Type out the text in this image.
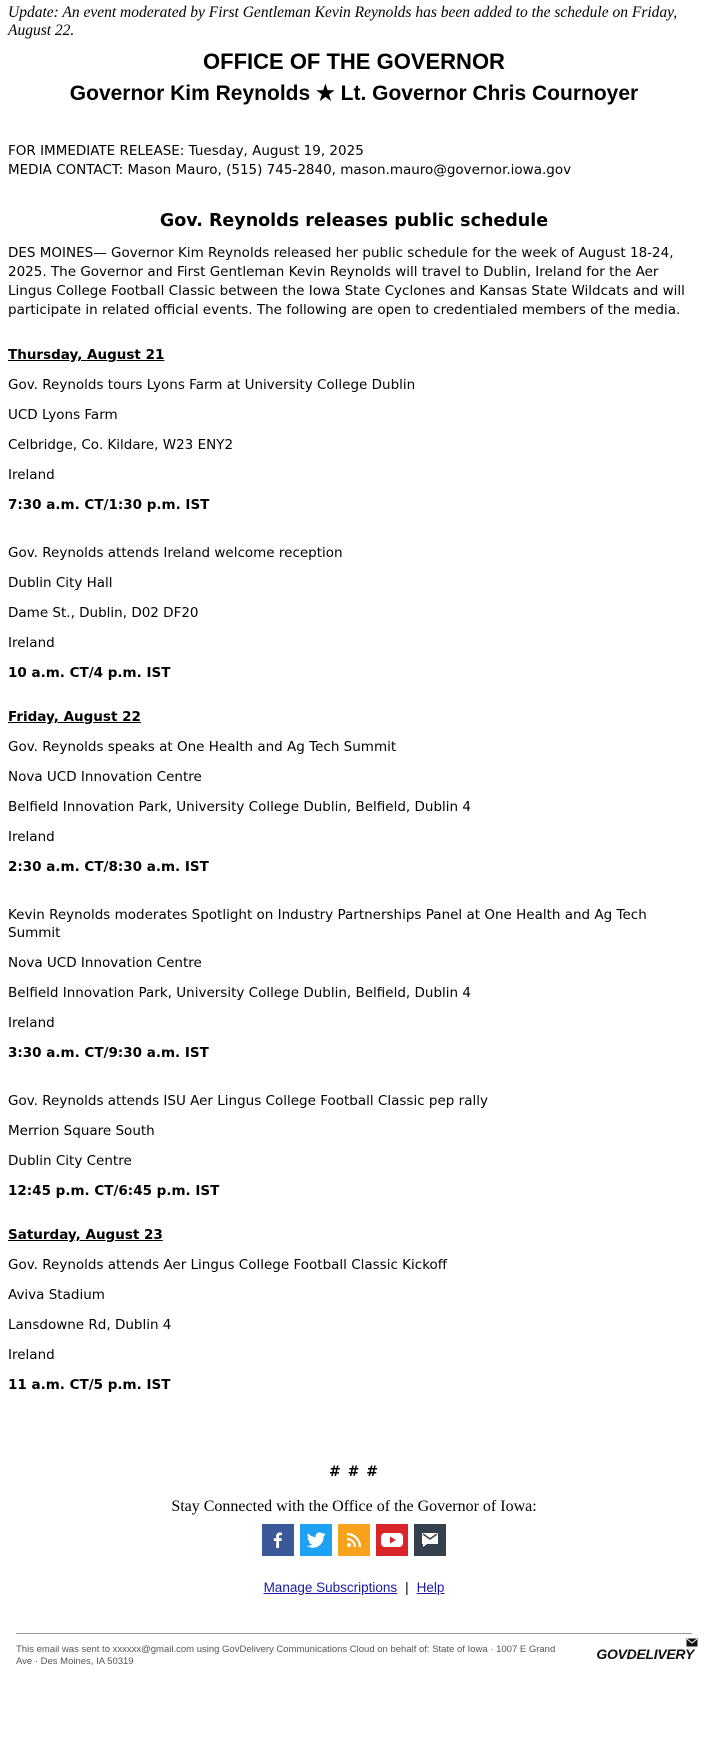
Update: An event moderated by First Gentleman Kevin Reynolds has been added to the schedule on Friday, August 22.
OFFICE OF THE GOVERNOR
Governor Kim Reynolds ★ Lt. Governor Chris Cournoyer
FOR IMMEDIATE RELEASE: Tuesday, August 19, 2025
MEDIA CONTACT: Mason Mauro, (515) 745-2840, mason.mauro@governor.iowa.gov
Gov. Reynolds releases public schedule
DES MOINES— Governor Kim Reynolds released her public schedule for the week of August 18-24, 2025. The Governor and First Gentleman Kevin Reynolds will travel to Dublin, Ireland for the Aer Lingus College Football Classic between the Iowa State Cyclones and Kansas State Wildcats and will participate in related official events. The following are open to credentialed members of the media.
Thursday, August 21
Gov. Reynolds tours Lyons Farm at University College Dublin
UCD Lyons Farm
Celbridge, Co. Kildare, W23 ENY2
Ireland
7:30 a.m. CT/1:30 p.m. IST
Gov. Reynolds attends Ireland welcome reception
Dublin City Hall
Dame St., Dublin, D02 DF20
Ireland
10 a.m. CT/4 p.m. IST
Friday, August 22
Gov. Reynolds speaks at One Health and Ag Tech Summit
Nova UCD Innovation Centre
Belfield Innovation Park, University College Dublin, Belfield, Dublin 4
Ireland
2:30 a.m. CT/8:30 a.m. IST
Kevin Reynolds moderates Spotlight on Industry Partnerships Panel at One Health and Ag Tech Summit
Nova UCD Innovation Centre
Belfield Innovation Park, University College Dublin, Belfield, Dublin 4
Ireland
3:30 a.m. CT/9:30 a.m. IST
Gov. Reynolds attends ISU Aer Lingus College Football Classic pep rally
Merrion Square South
Dublin City Centre
12:45 p.m. CT/6:45 p.m. IST
Saturday, August 23
Gov. Reynolds attends Aer Lingus College Football Classic Kickoff
Aviva Stadium
Lansdowne Rd, Dublin 4
Ireland
11 a.m. CT/5 p.m. IST
# # #
Stay Connected with the Office of the Governor of Iowa:
Manage Subscriptions | Help
This email was sent to xxxxxx@gmail.com using GovDelivery Communications Cloud on behalf of: State of Iowa · 1007 E Grand Ave · Des Moines, IA 50319	GOVDELIVERY
